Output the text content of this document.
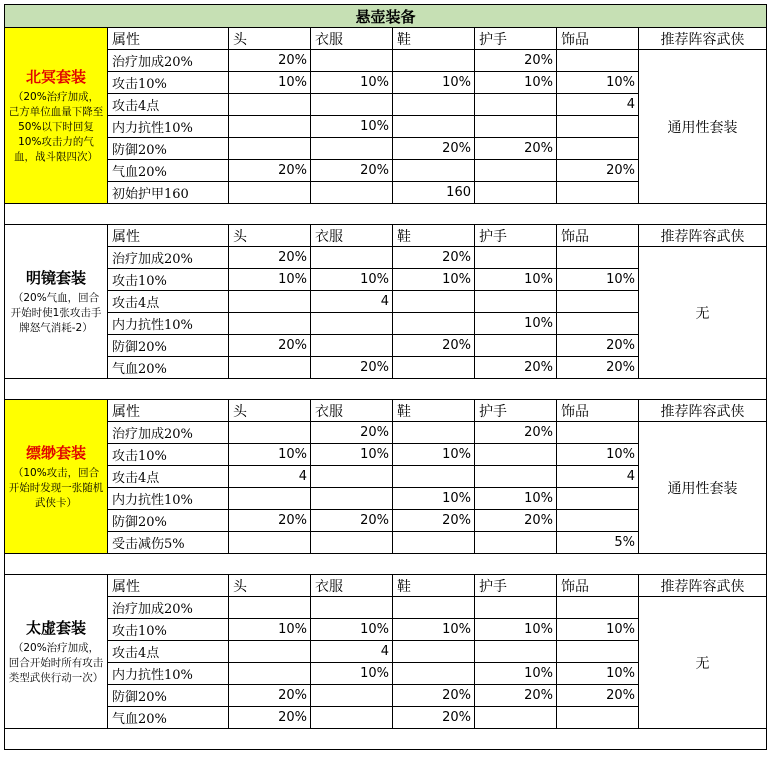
悬壶装备							

北冥套装
（20%治疗加成，己方单位血量下降至50%以下时回复10%攻击力的气血，战斗限四次）	属性	头	衣服	鞋	护手	饰品	推荐阵容武侠
	治疗加成20%	20%			20%		通用性套装
	攻击10%	10%	10%	10%	10%	10%	
	攻击4点					4	
	内力抗性10%		10%				
	防御20%			20%	20%		
	气血20%	20%	20%			20%	
	初始护甲160			160			

明镜套装
（20%气血，回合开始时使1张攻击手牌怒气消耗-2）	属性	头	衣服	鞋	护手	饰品	推荐阵容武侠
	治疗加成20%	20%		20%			无
	攻击10%	10%	10%	10%	10%	10%	
	攻击4点		4				
	内力抗性10%				10%		
	防御20%	20%		20%		20%	
	气血20%		20%		20%	20%	

缥缈套装
（10%攻击，回合开始时发现一张随机武侠卡）	属性	头	衣服	鞋	护手	饰品	推荐阵容武侠
	治疗加成20%		20%		20%		通用性套装
	攻击10%	10%	10%	10%		10%	
	攻击4点	4				4	
	内力抗性10%			10%	10%		
	防御20%	20%	20%	20%	20%		
	受击减伤5%					5%	

太虚套装
（20%治疗加成，回合开始时所有攻击类型武侠行动一次）	属性	头	衣服	鞋	护手	饰品	推荐阵容武侠
	治疗加成20%						无
	攻击10%	10%	10%	10%	10%	10%	
	攻击4点		4				
	内力抗性10%		10%		10%	10%	
	防御20%	20%		20%	20%	20%	
	气血20%	20%		20%			
